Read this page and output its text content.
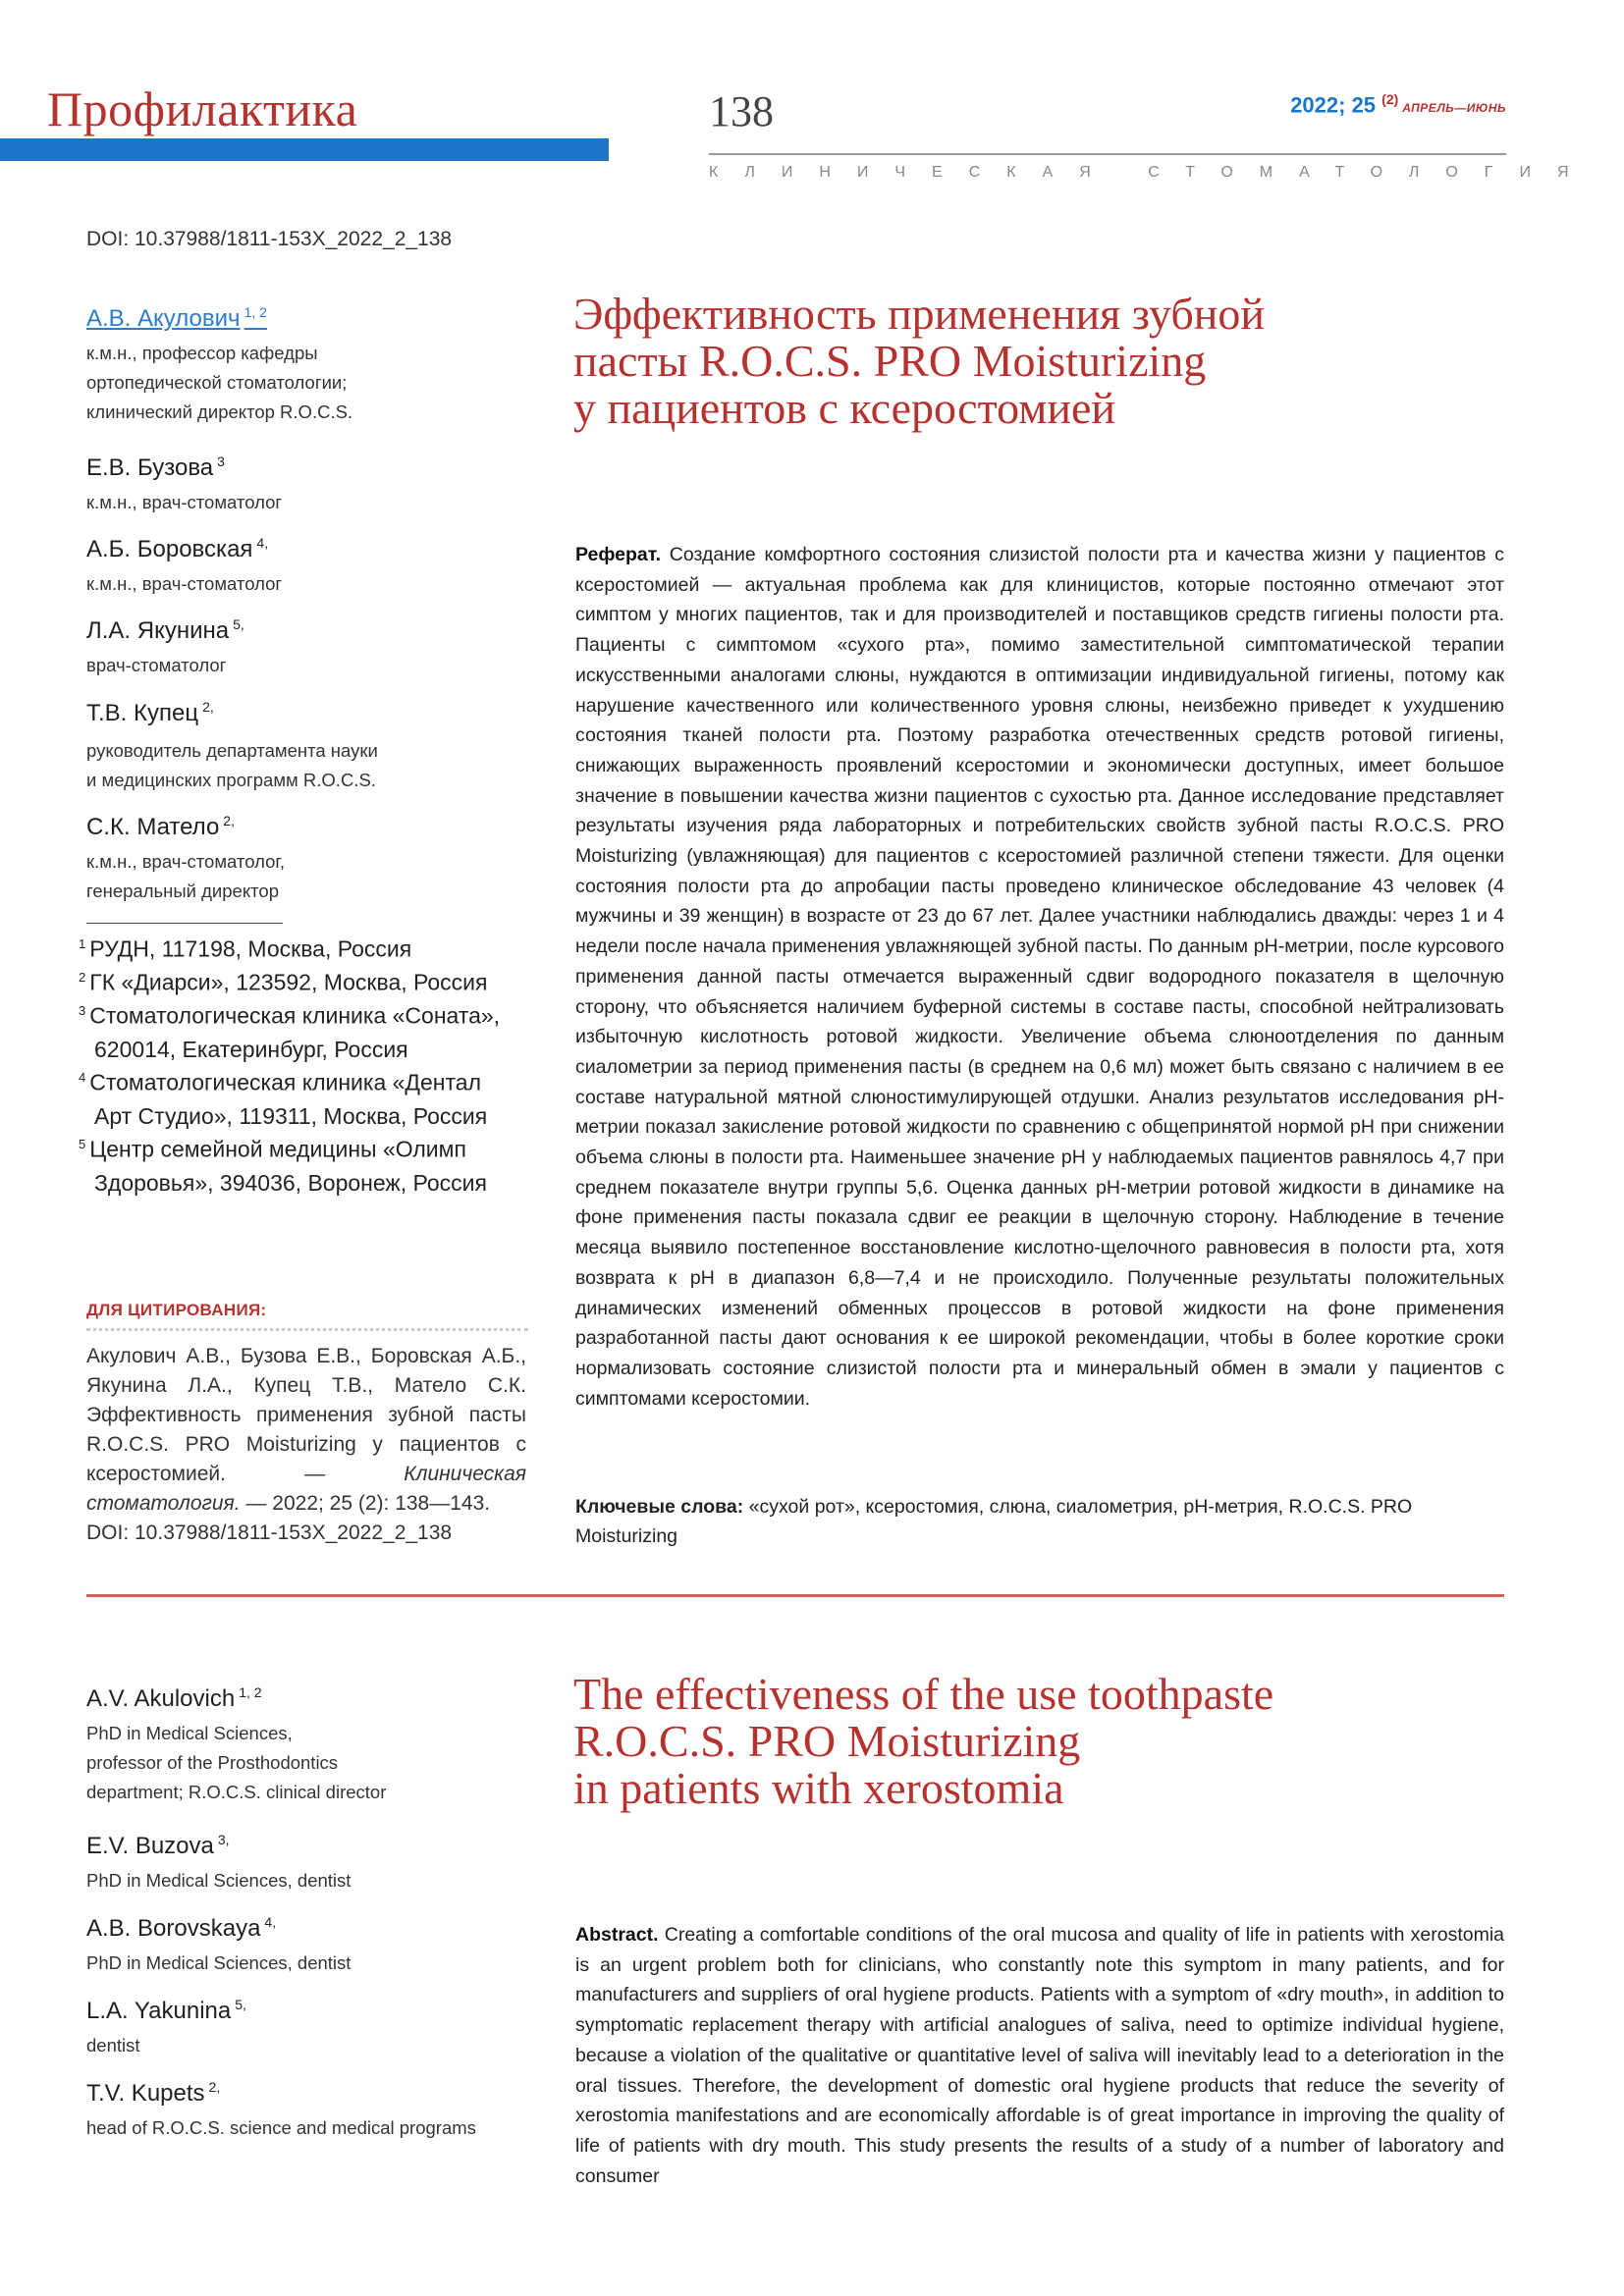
Профилактика	138	2022; 25 $^{(2)}$АПРЕЛЬ—ИЮНЬ
КЛИНИЧЕСКАЯ СТОМАТОЛОГИЯ
DOI: 10.37988/1811-153X_2022_2_138
А.В. Акулович $^{1, 2}$
к.м.н., профессор кафедры
ортопедической стоматологии;
клинический директор R.O.C.S.
Е.В. Бузова $^3$
к.м.н., врач-стоматолог
А.Б. Боровская $^{4,}$
к.м.н., врач-стоматолог
Л.А. Якунина $^{5,}$
врач-стоматолог
Т.В. Купец $^{2,}$
руководитель департамента науки
и медицинских программ R.O.C.S.
С.К. Матело $^{2,}$
к.м.н., врач-стоматолог,
генеральный директор
$^1$ РУДН, 117198, Москва, Россия
$^2$ ГК «Диарси», 123592, Москва, Россия
$^3$ Стоматологическая клиника «Соната»,
620014, Екатеринбург, Россия
$^4$ Стоматологическая клиника «Дентал
Арт Студио», 119311, Москва, Россия
$^5$ Центр семейной медицины «Олимп
Здоровья», 394036, Воронеж, Россия
ДЛЯ ЦИТИРОВАНИЯ:
Акулович А.В., Бузова Е.В., Боровская А.Б., Якунина Л.А., Купец Т.В., Матело С.К. Эффективность применения зубной пасты R.O.C.S. PRO Moisturizing у пациентов с ксеростомией. —	Клиническая стоматология. — 2022; 25 (2): 138—143.
DOI: 10.37988/1811-153X_2022_2_138
Эффективность применения зубной
пасты R.O.C.S. PRO Moisturizing
у пациентов с ксеростомией
Реферат. Создание комфортного состояния слизистой полости рта и качества жизни у пациентов с ксеростомией — актуальная проблема как для клиницистов, которые постоянно отмечают этот симптом у многих пациентов, так и для производителей и поставщиков средств гигиены полости рта. Пациенты с симптомом «сухого рта», помимо заместительной симптоматической терапии искусственными аналогами слюны, нуждаются в оптимизации индивидуальной гигиены, потому как нарушение качественного или количественного уровня слюны, неизбежно приведет к ухудшению состояния тканей полости рта. Поэтому разработка отечественных средств ротовой гигиены, снижающих выраженность проявлений ксеростомии и экономически доступных, имеет большое значение в повышении качества жизни пациентов с сухостью рта. Данное исследование представляет результаты изучения ряда лабораторных и потребительских свойств зубной пасты R.O.C.S. PRO Moisturizing (увлажняющая) для пациентов с ксеростомией различной степени тяжести. Для оценки состояния полости рта до апробации пасты проведено клиническое обследование 43 человек (4 мужчины и 39 женщин) в возрасте от 23 до 67 лет. Далее участники наблюдались дважды: через 1 и 4 недели после начала применения увлажняющей зубной пасты. По данным pH-метрии, после курсового применения данной пасты отмечается выраженный сдвиг водородного показателя в щелочную сторону, что объясняется наличием буферной системы в составе пасты, способной нейтрализовать избыточную кислотность ротовой жидкости. Увеличение объема слюноотделения по данным сиалометрии за период применения пасты (в среднем на 0,6 мл) может быть связано с наличием в ее составе натуральной мятной слюностимулирующей отдушки. Анализ результатов исследования pH-метрии показал закисление ротовой жидкости по сравнению с общепринятой нормой pH при снижении объема слюны в полости рта. Наименьшее значение pH у наблюдаемых пациентов равнялось 4,7 при среднем показателе внутри группы 5,6. Оценка данных pH-метрии ротовой жидкости в динамике на фоне применения пасты показала сдвиг ее реакции в щелочную сторону. Наблюдение в течение месяца выявило постепенное восстановление кислотно-щелочного равновесия в полости рта, хотя возврата к pH в диапазон 6,8—7,4 и не происходило. Полученные результаты положительных динамических изменений обменных процессов в ротовой жидкости на фоне применения разработанной пасты дают основания к ее широкой рекомендации, чтобы в более короткие сроки нормализовать состояние слизистой полости рта и минеральный обмен в эмали у пациентов с симптомами ксеростомии.
Ключевые слова: «сухой рот», ксеростомия, слюна, сиалометрия, pH-метрия, R.O.C.S. PRO Moisturizing
A.V. Akulovich $^{1, 2}$
PhD in Medical Sciences,
professor of the Prosthodontics
department; R.O.C.S. clinical director
E.V. Buzova $^{3,}$
PhD in Medical Sciences, dentist
A.B. Borovskaya $^{4,}$
PhD in Medical Sciences, dentist
L.A. Yakunina $^{5,}$
dentist
T.V. Kupets $^{2,}$
head of R.O.C.S. science and medical programs
The effectiveness of the use toothpaste
R.O.C.S. PRO Moisturizing
in patients with xerostomia
Abstract. Creating a comfortable conditions of the oral mucosa and quality of life in patients with xerostomia is an urgent problem both for clinicians, who constantly note this symptom in many patients, and for manufacturers and suppliers of oral hygiene products. Patients with a symptom of «dry mouth», in addition to symptomatic replacement therapy with artificial analogues of saliva, need to optimize individual hygiene, because a violation of the qualitative or quantitative level of saliva will inevitably lead to a deterioration in the oral tissues. Therefore, the development of domestic oral hygiene products that reduce the severity of xerostomia manifestations and are economically affordable is of great importance in improving the quality of life of patients with dry mouth. This study presents the results of a study of a number of laboratory and consumer
